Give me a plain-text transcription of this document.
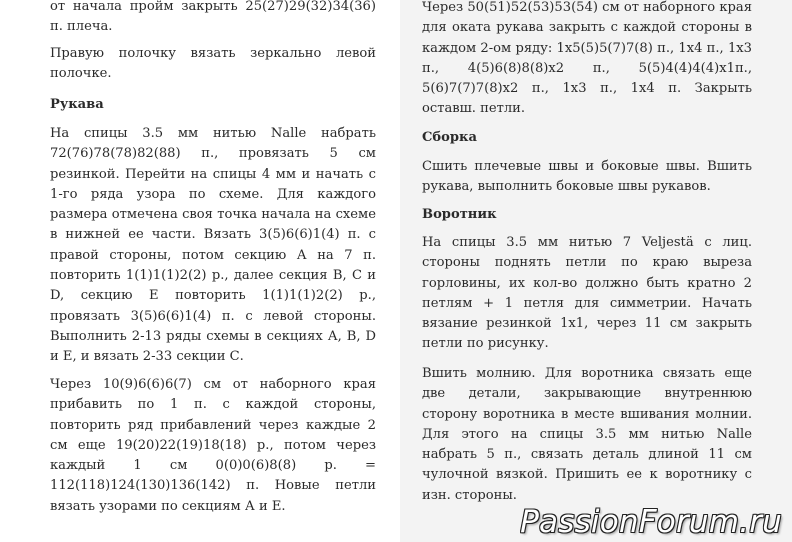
от начала пройм закрыть 25(27)29(32)34(36) п. плеча.

Правую полочку вязать зеркально левой полочке.

Рукава

На спицы 3.5 мм нитью Nalle набрать 72(76)78(78)82(88) п., провязать 5 см резинкой. Перейти на спицы 4 мм и начать с 1-го ряда узора по схеме. Для каждого размера отмечена своя точка начала на схеме в нижней ее части. Вязать 3(5)6(6)1(4) п. с правой стороны, потом секцию А на 7 п. повторить 1(1)1(1)2(2) р., далее секция В, С и D, секцию Е повторить 1(1)1(1)2(2) р., провязать 3(5)6(6)1(4) п. с левой стороны. Выполнить 2-13 ряды схемы в секциях А, В, D и Е, и вязать 2-33 секции С.

Через 10(9)6(6)6(7) см от наборного края прибавить по 1 п. с каждой стороны, повторить ряд прибавлений через каждые 2 см еще 19(20)22(19)18(18) р., потом через каждый 1 см 0(0)0(6)8(8) р. = 112(118)124(130)136(142) п. Новые петли вязать узорами по секциям А и Е.

Через 50(51)52(53)53(54) см от наборного края для оката рукава закрыть с каждой стороны в каждом 2-ом ряду: 1х5(5)5(7)7(8) п., 1х4 п., 1х3 п., 4(5)6(8)8(8)х2 п., 5(5)4(4)4(4)х1п., 5(6)7(7)7(8)х2 п., 1х3 п., 1х4 п. Закрыть оставш. петли.

Сборка

Сшить плечевые швы и боковые швы. Вшить рукава, выполнить боковые швы рукавов.

Воротник

На спицы 3.5 мм нитью 7 Veljestä с лиц. стороны поднять петли по краю выреза горловины, их кол-во должно быть кратно 2 петлям + 1 петля для симметрии. Начать вязание резинкой 1х1, через 11 см закрыть петли по рисунку.

Вшить молнию. Для воротника связать еще две детали, закрывающие внутреннюю сторону воротника в месте вшивания молнии. Для этого на спицы 3.5 мм нитью Nalle набрать 5 п., связать деталь длиной 11 см чулочной вязкой. Пришить ее к воротнику с изн. стороны.

PassionForum.ru
